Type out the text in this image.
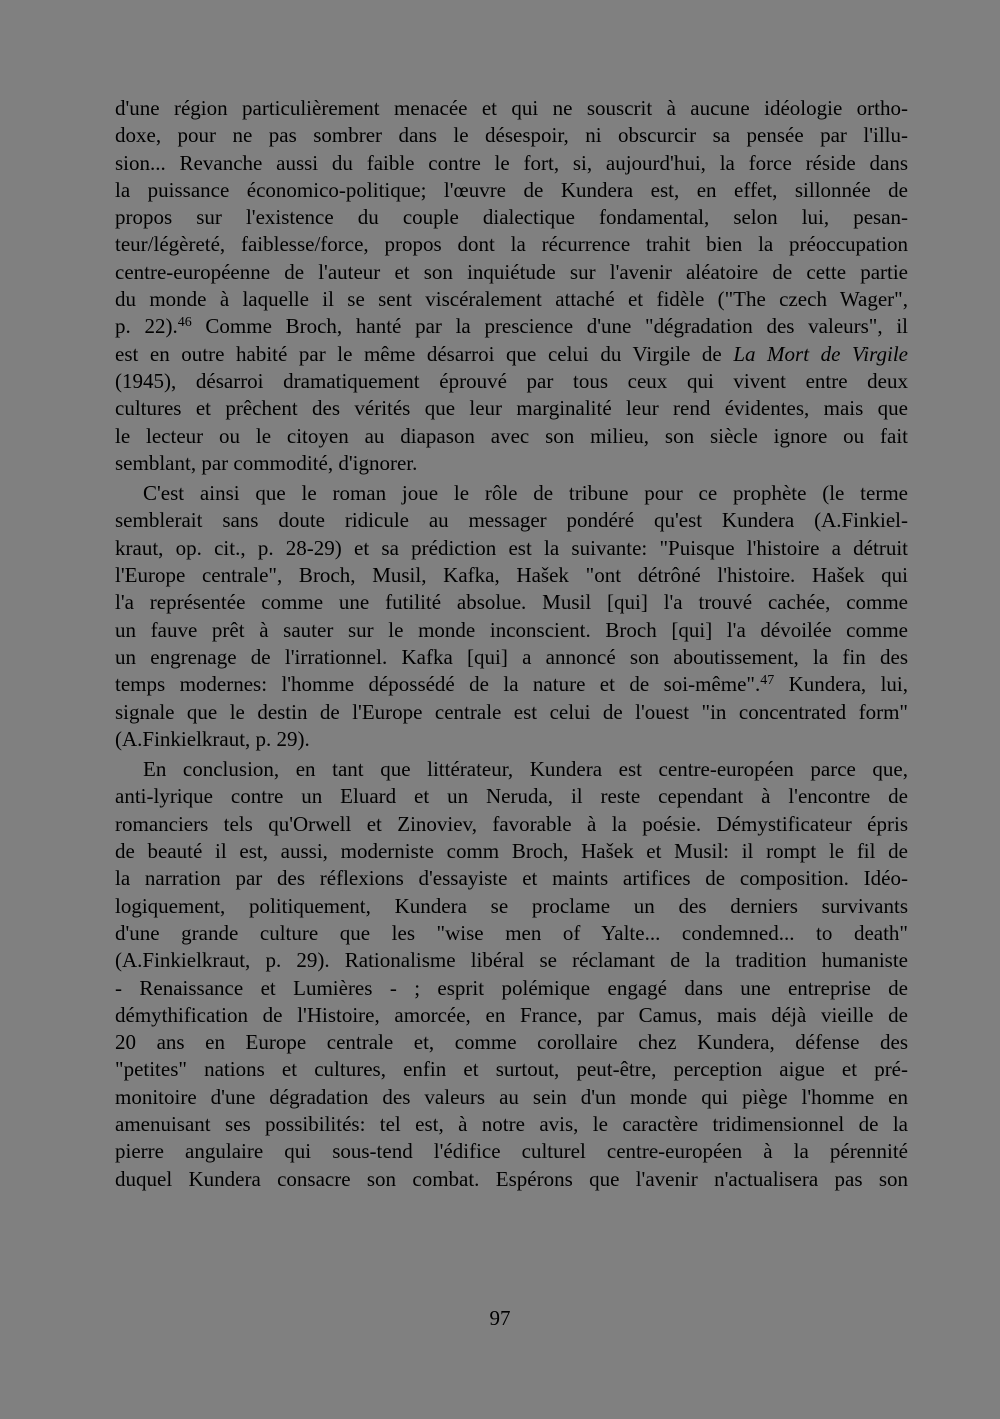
d'une région particulièrement menacée et qui ne souscrit à aucune idéologie ortho-
doxe, pour ne pas sombrer dans le désespoir, ni obscurcir sa pensée par l'illu-
sion... Revanche aussi du faible contre le fort, si, aujourd'hui, la force réside dans
la puissance économico-politique; l'œuvre de Kundera est, en effet, sillonnée de
propos sur l'existence du couple dialectique fondamental, selon lui, pesan-
teur/légèreté, faiblesse/force, propos dont la récurrence trahit bien la préoccupation
centre-européenne de l'auteur et son inquiétude sur l'avenir aléatoire de cette partie
du monde à laquelle il se sent viscéralement attaché et fidèle ("The czech Wager",
p. 22).$^{46}$ Comme Broch, hanté par la prescience d'une "dégradation des valeurs", il
est en outre habité par le même désarroi que celui du Virgile de La Mort de Virgile
(1945), désarroi dramatiquement éprouvé par tous ceux qui vivent entre deux
cultures et prêchent des vérités que leur marginalité leur rend évidentes, mais que
le lecteur ou le citoyen au diapason avec son milieu, son siècle ignore ou fait
semblant, par commodité, d'ignorer.
C'est ainsi que le roman joue le rôle de tribune pour ce prophète (le terme
semblerait sans doute ridicule au messager pondéré qu'est Kundera (A.Finkiel-
kraut, op. cit., p. 28-29) et sa prédiction est la suivante: "Puisque l'histoire a détruit
l'Europe centrale", Broch, Musil, Kafka, Hašek "ont détrôné l'histoire. Hašek qui
l'a représentée comme une futilité absolue. Musil [qui] l'a trouvé cachée, comme
un fauve prêt à sauter sur le monde inconscient. Broch [qui] l'a dévoilée comme
un engrenage de l'irrationnel. Kafka [qui] a annoncé son aboutissement, la fin des
temps modernes: l'homme dépossédé de la nature et de soi-même".$^{47}$ Kundera, lui,
signale que le destin de l'Europe centrale est celui de l'ouest "in concentrated form"
(A.Finkielkraut, p. 29).
En conclusion, en tant que littérateur, Kundera est centre-européen parce que,
anti-lyrique contre un Eluard et un Neruda, il reste cependant à l'encontre de
romanciers tels qu'Orwell et Zinoviev, favorable à la poésie. Démystificateur épris
de beauté il est, aussi, moderniste comm Broch, Hašek et Musil: il rompt le fil de
la narration par des réflexions d'essayiste et maints artifices de composition. Idéo-
logiquement, politiquement, Kundera se proclame un des derniers survivants
d'une grande culture que les "wise men of Yalte... condemned... to death"
(A.Finkielkraut, p. 29). Rationalisme libéral se réclamant de la tradition humaniste
- Renaissance et Lumières - ; esprit polémique engagé dans une entreprise de
démythification de l'Histoire, amorcée, en France, par Camus, mais déjà vieille de
20 ans en Europe centrale et, comme corollaire chez Kundera, défense des
"petites" nations et cultures, enfin et surtout, peut-être, perception aigue et pré-
monitoire d'une dégradation des valeurs au sein d'un monde qui piège l'homme en
amenuisant ses possibilités: tel est, à notre avis, le caractère tridimensionnel de la
pierre angulaire qui sous-tend l'édifice culturel centre-européen à la pérennité
duquel Kundera consacre son combat. Espérons que l'avenir n'actualisera pas son
97
